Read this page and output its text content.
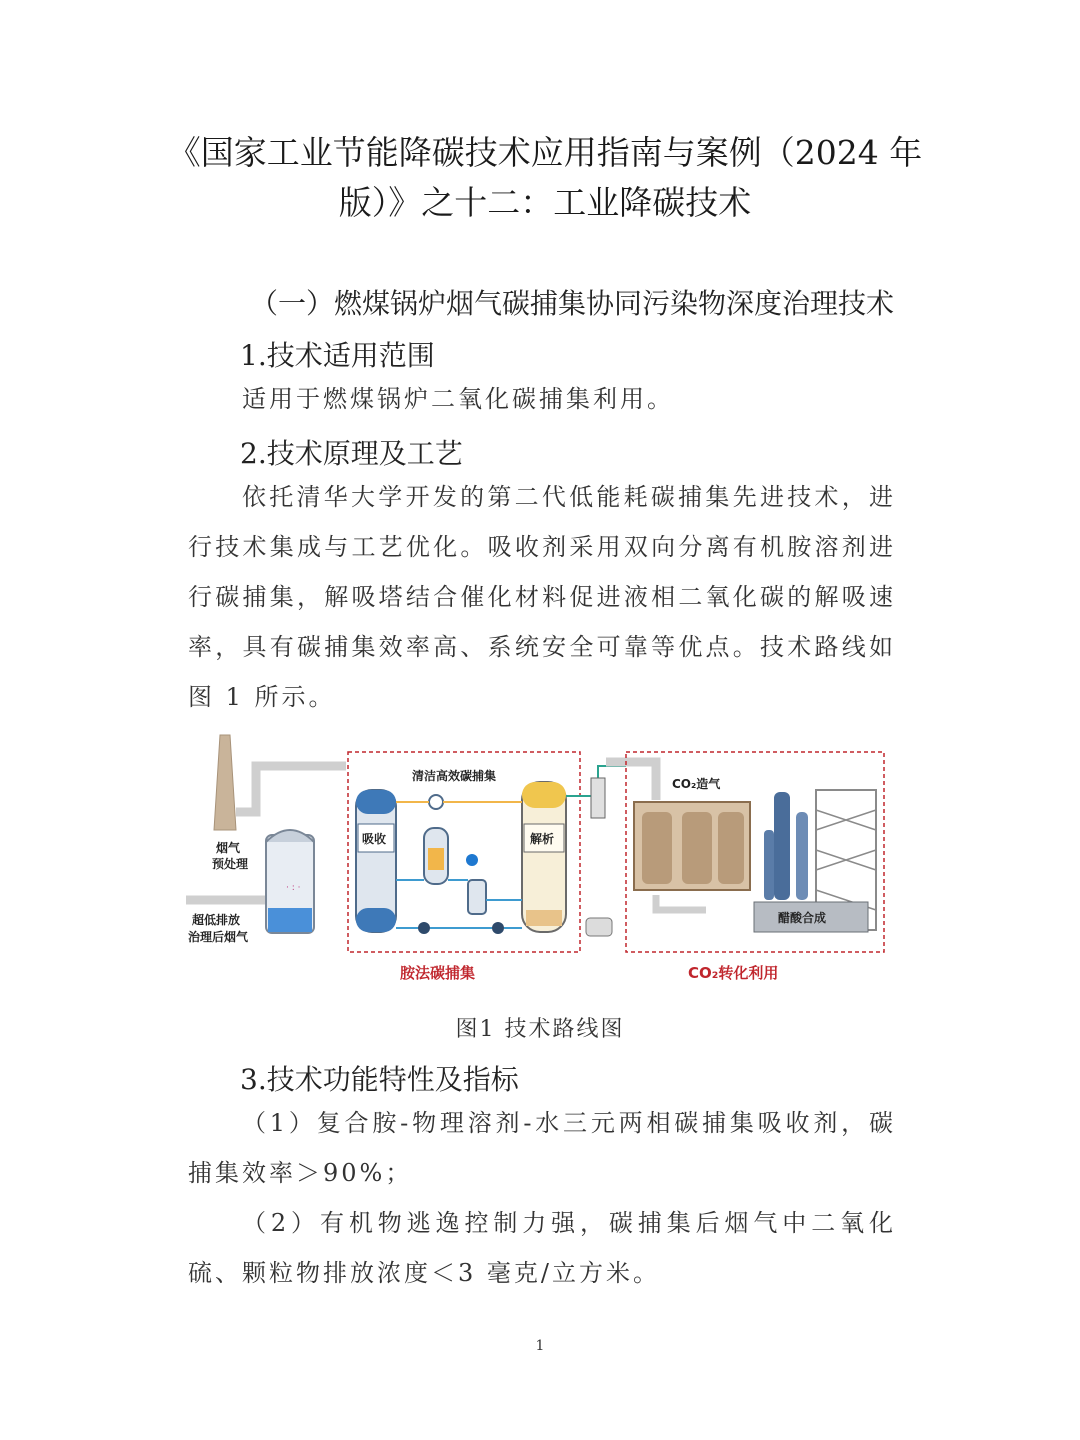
《国家工业节能降碳技术应用指南与案例（2024 年
版）》之十二：工业降碳技术
（一）燃煤锅炉烟气碳捕集协同污染物深度治理技术
1.技术适用范围
适用于燃煤锅炉二氧化碳捕集利用。
2.技术原理及工艺
依托清华大学开发的第二代低能耗碳捕集先进技术，进行技术集成与工艺优化。吸收剂采用双向分离有机胺溶剂进行碳捕集，解吸塔结合催化材料促进液相二氧化碳的解吸速率，具有碳捕集效率高、系统安全可靠等优点。技术路线如图 1 所示。
· : ·
烟气
预处理
超低排放
治理后烟气
清洁高效碳捕集
吸收	解析
CO₂造气
醋酸合成
胺法碳捕集	CO₂转化利用
图1 技术路线图
3.技术功能特性及指标
（1）复合胺-物理溶剂-水三元两相碳捕集吸收剂，碳捕集效率＞90%；
（2）有机物逃逸控制力强，碳捕集后烟气中二氧化硫、颗粒物排放浓度＜3 毫克/立方米。
1
